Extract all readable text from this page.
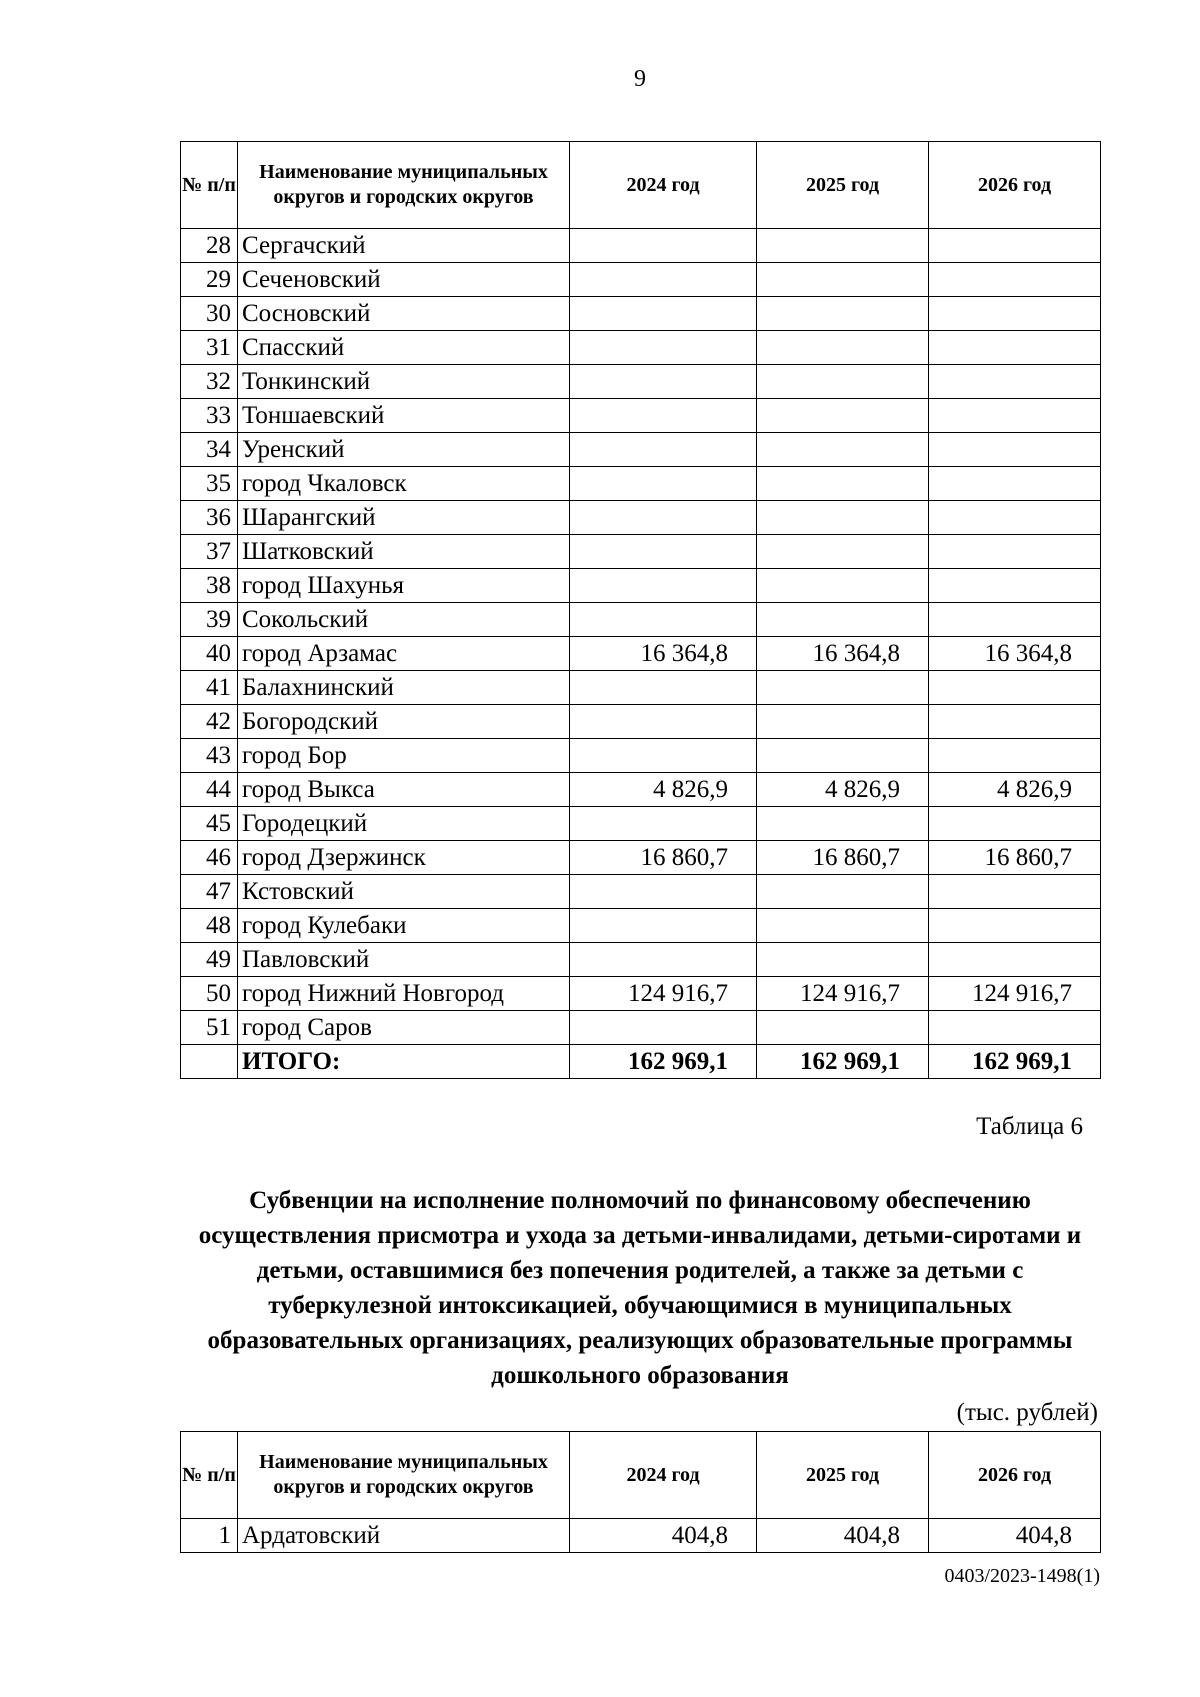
9
№ п/п	Наименование муниципальных округов и городских округов	2024 год	2025 год	2026 год
28	Сергачский			
29	Сеченовский			
30	Сосновский			
31	Спасский			
32	Тонкинский			
33	Тоншаевский			
34	Уренский			
35	город Чкаловск			
36	Шарангский			
37	Шатковский			
38	город Шахунья			
39	Сокольский			
40	город Арзамас	16 364,8	16 364,8	16 364,8
41	Балахнинский			
42	Богородский			
43	город Бор			
44	город Выкса	4 826,9	4 826,9	4 826,9
45	Городецкий			
46	город Дзержинск	16 860,7	16 860,7	16 860,7
47	Кстовский			
48	город Кулебаки			
49	Павловский			
50	город Нижний Новгород	124 916,7	124 916,7	124 916,7
51	город Саров			
	ИТОГО:	162 969,1	162 969,1	162 969,1
Таблица 6
Субвенции на исполнение полномочий по финансовому обеспечению осуществления присмотра и ухода за детьми-инвалидами, детьми-сиротами и детьми, оставшимися без попечения родителей, а также за детьми с туберкулезной интоксикацией, обучающимися в муниципальных образовательных организациях, реализующих образовательные программы дошкольного образования
(тыс. рублей)
№ п/п	Наименование муниципальных округов и городских округов	2024 год	2025 год	2026 год
1	Ардатовский	404,8	404,8	404,8
0403/2023-1498(1)
